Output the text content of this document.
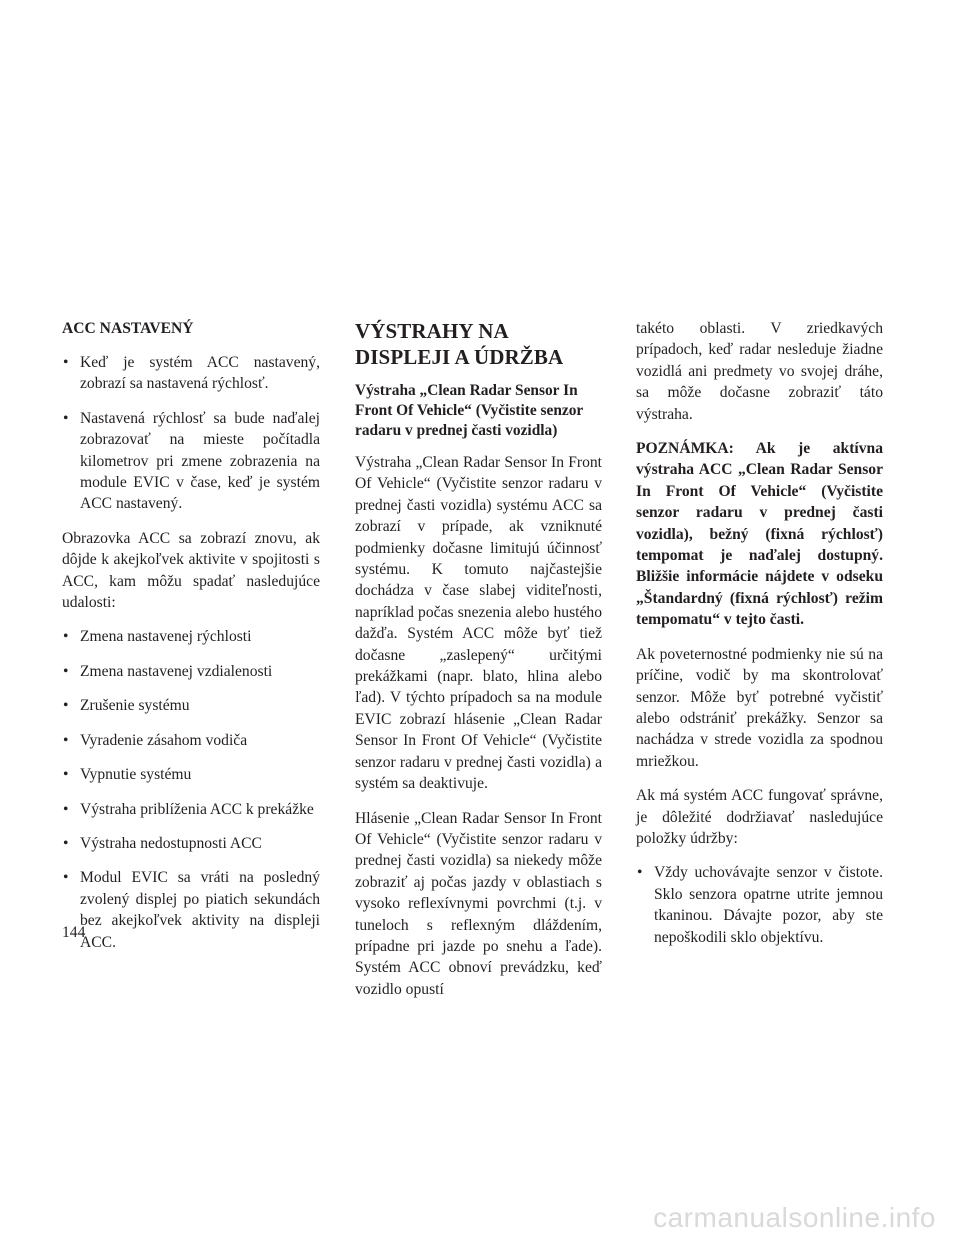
ACC NASTAVENÝ
• Keď je systém ACC nastavený, zobrazí sa nastavená rýchlosť.
• Nastavená rýchlosť sa bude naďalej zobrazovať na mieste počítadla kilometrov pri zmene zobrazenia na module EVIC v čase, keď je systém ACC nastavený.

Obrazovka ACC sa zobrazí znovu, ak dôjde k akejkoľvek aktivite v spojitosti s ACC, kam môžu spadať nasledujúce udalosti:

• Zmena nastavenej rýchlosti
• Zmena nastavenej vzdialenosti
• Zrušenie systému
• Vyradenie zásahom vodiča
• Vypnutie systému
• Výstraha priblíženia ACC k prekážke
• Výstraha nedostupnosti ACC
• Modul EVIC sa vráti na posledný zvolený displej po piatich sekundách bez akejkoľvek aktivity na displeji ACC.
VÝSTRAHY NA DISPLEJI A ÚDRŽBA
Výstraha „Clean Radar Sensor In Front Of Vehicle“ (Vyčistite senzor radaru v prednej časti vozidla)

Výstraha „Clean Radar Sensor In Front Of Vehicle“ (Vyčistite senzor radaru v prednej časti vozidla) systému ACC sa zobrazí v prípade, ak vzniknuté podmienky dočasne limitujú účinnosť systému. K tomuto najčastejšie dochádza v čase slabej viditeľnosti, napríklad počas snezenia alebo hustého dažďa. Systém ACC môže byť tiež dočasne „zaslepený“ určitými prekážkami (napr. blato, hlina alebo ľad). V týchto prípadoch sa na module EVIC zobrazí hlásenie „Clean Radar Sensor In Front Of Vehicle“ (Vyčistite senzor radaru v prednej časti vozidla) a systém sa deaktivuje.

Hlásenie „Clean Radar Sensor In Front Of Vehicle“ (Vyčistite senzor radaru v prednej časti vozidla) sa niekedy môže zobraziť aj počas jazdy v oblastiach s vysoko reflexívnymi povrchmi (t.j. v tuneloch s reflexným dláždením, prípadne pri jazde po snehu a ľade). Systém ACC obnoví prevádzku, keď vozidlo opustí

takéto oblasti. V zriedkavých prípadoch, keď radar nesleduje žiadne vozidlá ani predmety vo svojej dráhe, sa môže dočasne zobraziť táto výstraha.

POZNÁMKA: Ak je aktívna výstraha ACC „Clean Radar Sensor In Front Of Vehicle“ (Vyčistite senzor radaru v prednej časti vozidla), bežný (fixná rýchlosť) tempomat je naďalej dostupný. Bližšie informácie nájdete v odseku „Štandardný (fixná rýchlosť) režim tempomatu“ v tejto časti.

Ak poveternostné podmienky nie sú na príčine, vodič by ma skontrolovať senzor. Môže byť potrebné vyčistiť alebo odstrániť prekážky. Senzor sa nachádza v strede vozidla za spodnou mriežkou.

Ak má systém ACC fungovať správne, je dôležité dodržiavať nasledujúce položky údržby:

• Vždy uchovávajte senzor v čistote. Sklo senzora opatrne utrite jemnou tkaninou. Dávajte pozor, aby ste nepoškodili sklo objektívu.
144
carmanualsonline.info
